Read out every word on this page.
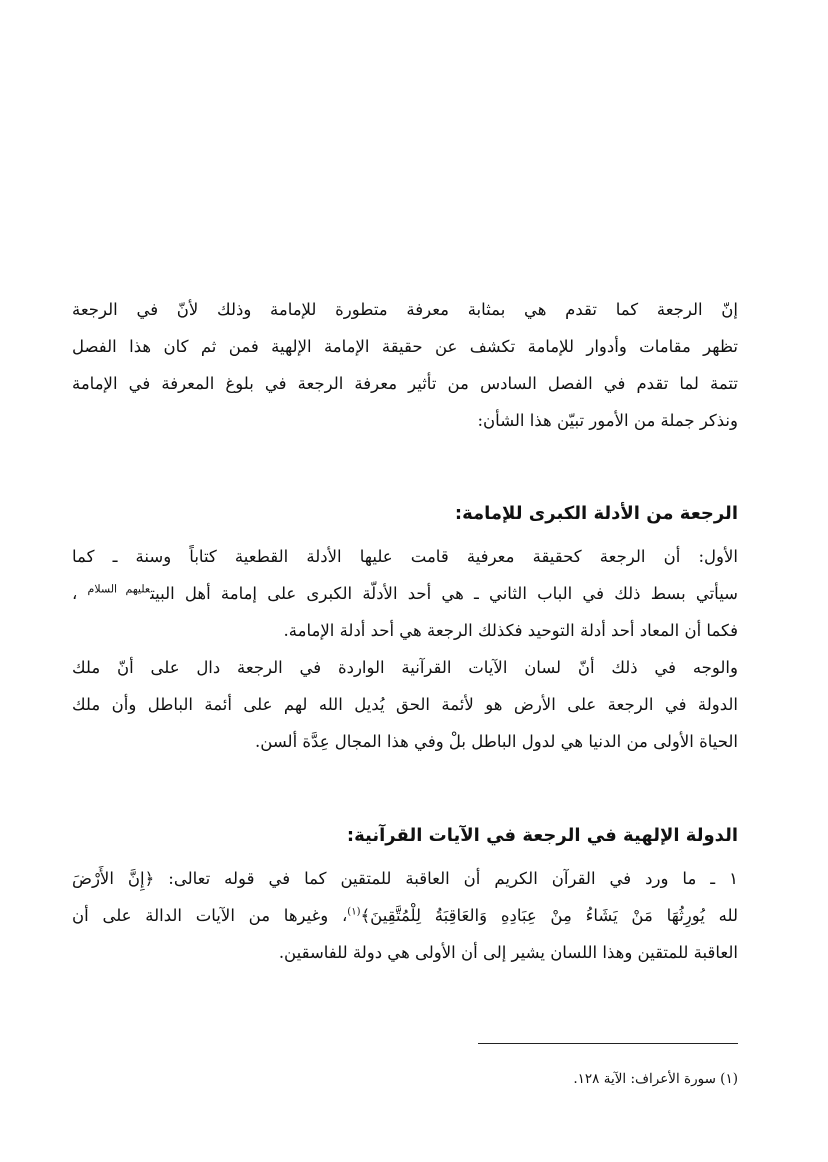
إنّ الرجعة كما تقدم هي بمثابة معرفة متطورة للإمامة وذلك لأنّ في الرجعة
تظهر مقامات وأدوار للإمامة تكشف عن حقيقة الإمامة الإلهية فمن ثم كان هذا الفصل
تتمة لما تقدم في الفصل السادس من تأثير معرفة الرجعة في بلوغ المعرفة في الإمامة
ونذكر جملة من الأمور تبيّن هذا الشأن:
الرجعة من الأدلة الكبرى للإمامة:
الأول: أن الرجعة كحقيقة معرفية قامت عليها الأدلة القطعية كتاباً وسنة ـ كما
سيأتي بسط ذلك في الباب الثاني ـ هي أحد الأدلّة الكبرى على إمامة أهل البيت$^{عليهم السلام}$ ،
فكما أن المعاد أحد أدلة التوحيد فكذلك الرجعة هي أحد أدلة الإمامة.
والوجه في ذلك أنّ لسان الآيات القرآنية الواردة في الرجعة دال على أنّ ملك
الدولة في الرجعة على الأرض هو لأئمة الحق يُديل الله لهم على أئمة الباطل وأن ملك
الحياة الأولى من الدنيا هي لدول الباطل بلْ وفي هذا المجال عِدَّة ألسن.
الدولة الإلهية في الرجعة في الآيات القرآنية:
١ ـ ما ورد في القرآن الكريم أن العاقبة للمتقين كما في قوله تعالى: ﴿إِنَّ الأَرْضَ
لله يُورِثُهَا مَنْ يَشَاءُ مِنْ عِبَادِهِ وَالعَاقِبَةُ لِلْمُتَّقِينَ﴾$^{(١)}$، وغيرها من الآيات الدالة على أن
العاقبة للمتقين وهذا اللسان يشير إلى أن الأولى هي دولة للفاسقين.

(١) سورة الأعراف: الآية ١٢٨.
